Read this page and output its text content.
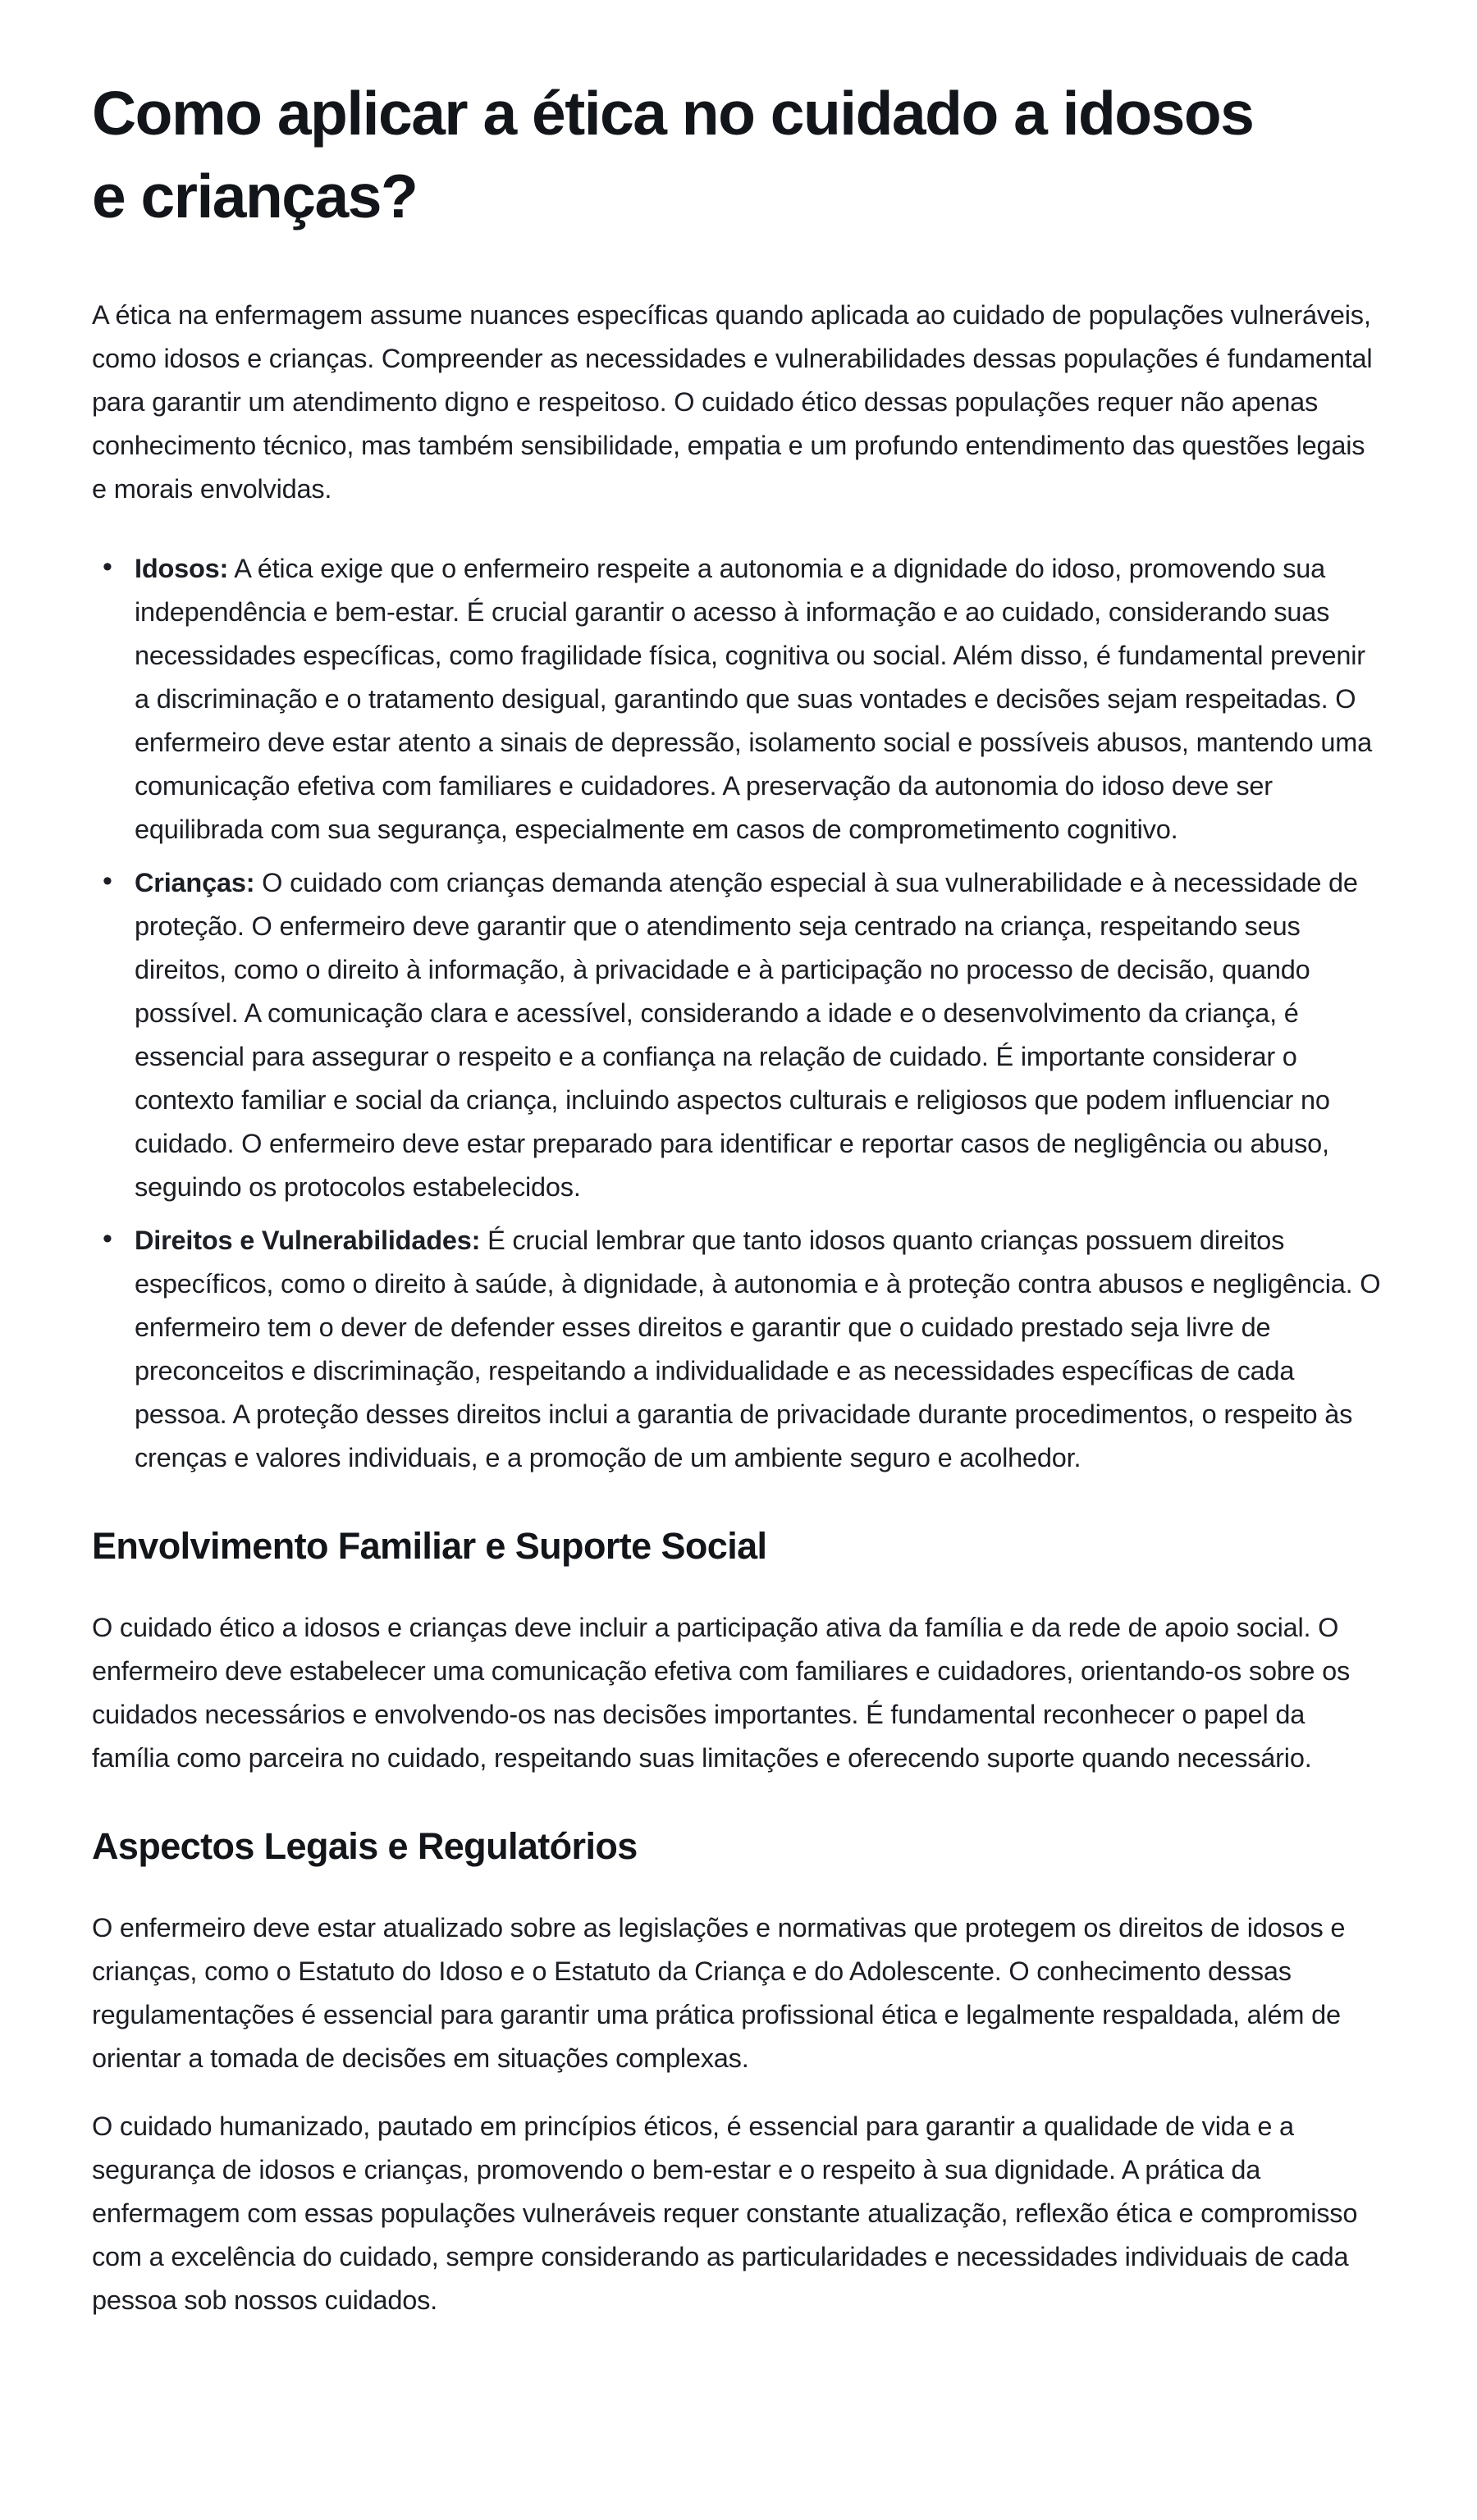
Como aplicar a ética no cuidado a idosos
e crianças?

A ética na enfermagem assume nuances específicas quando aplicada ao cuidado de populações vulneráveis, como idosos e crianças. Compreender as necessidades e vulnerabilidades dessas populações é fundamental para garantir um atendimento digno e respeitoso. O cuidado ético dessas populações requer não apenas conhecimento técnico, mas também sensibilidade, empatia e um profundo entendimento das questões legais e morais envolvidas.

• Idosos: A ética exige que o enfermeiro respeite a autonomia e a dignidade do idoso, promovendo sua independência e bem-estar. É crucial garantir o acesso à informação e ao cuidado, considerando suas necessidades específicas, como fragilidade física, cognitiva ou social. Além disso, é fundamental prevenir a discriminação e o tratamento desigual, garantindo que suas vontades e decisões sejam respeitadas. O enfermeiro deve estar atento a sinais de depressão, isolamento social e possíveis abusos, mantendo uma comunicação efetiva com familiares e cuidadores. A preservação da autonomia do idoso deve ser equilibrada com sua segurança, especialmente em casos de comprometimento cognitivo.
• Crianças: O cuidado com crianças demanda atenção especial à sua vulnerabilidade e à necessidade de proteção. O enfermeiro deve garantir que o atendimento seja centrado na criança, respeitando seus direitos, como o direito à informação, à privacidade e à participação no processo de decisão, quando possível. A comunicação clara e acessível, considerando a idade e o desenvolvimento da criança, é essencial para assegurar o respeito e a confiança na relação de cuidado. É importante considerar o contexto familiar e social da criança, incluindo aspectos culturais e religiosos que podem influenciar no cuidado. O enfermeiro deve estar preparado para identificar e reportar casos de negligência ou abuso, seguindo os protocolos estabelecidos.
• Direitos e Vulnerabilidades: É crucial lembrar que tanto idosos quanto crianças possuem direitos específicos, como o direito à saúde, à dignidade, à autonomia e à proteção contra abusos e negligência. O enfermeiro tem o dever de defender esses direitos e garantir que o cuidado prestado seja livre de preconceitos e discriminação, respeitando a individualidade e as necessidades específicas de cada pessoa. A proteção desses direitos inclui a garantia de privacidade durante procedimentos, o respeito às crenças e valores individuais, e a promoção de um ambiente seguro e acolhedor.
Envolvimento Familiar e Suporte Social

O cuidado ético a idosos e crianças deve incluir a participação ativa da família e da rede de apoio social. O enfermeiro deve estabelecer uma comunicação efetiva com familiares e cuidadores, orientando-os sobre os cuidados necessários e envolvendo-os nas decisões importantes. É fundamental reconhecer o papel da família como parceira no cuidado, respeitando suas limitações e oferecendo suporte quando necessário.

Aspectos Legais e Regulatórios

O enfermeiro deve estar atualizado sobre as legislações e normativas que protegem os direitos de idosos e crianças, como o Estatuto do Idoso e o Estatuto da Criança e do Adolescente. O conhecimento dessas regulamentações é essencial para garantir uma prática profissional ética e legalmente respaldada, além de orientar a tomada de decisões em situações complexas.

O cuidado humanizado, pautado em princípios éticos, é essencial para garantir a qualidade de vida e a segurança de idosos e crianças, promovendo o bem-estar e o respeito à sua dignidade. A prática da enfermagem com essas populações vulneráveis requer constante atualização, reflexão ética e compromisso com a excelência do cuidado, sempre considerando as particularidades e necessidades individuais de cada pessoa sob nossos cuidados.
